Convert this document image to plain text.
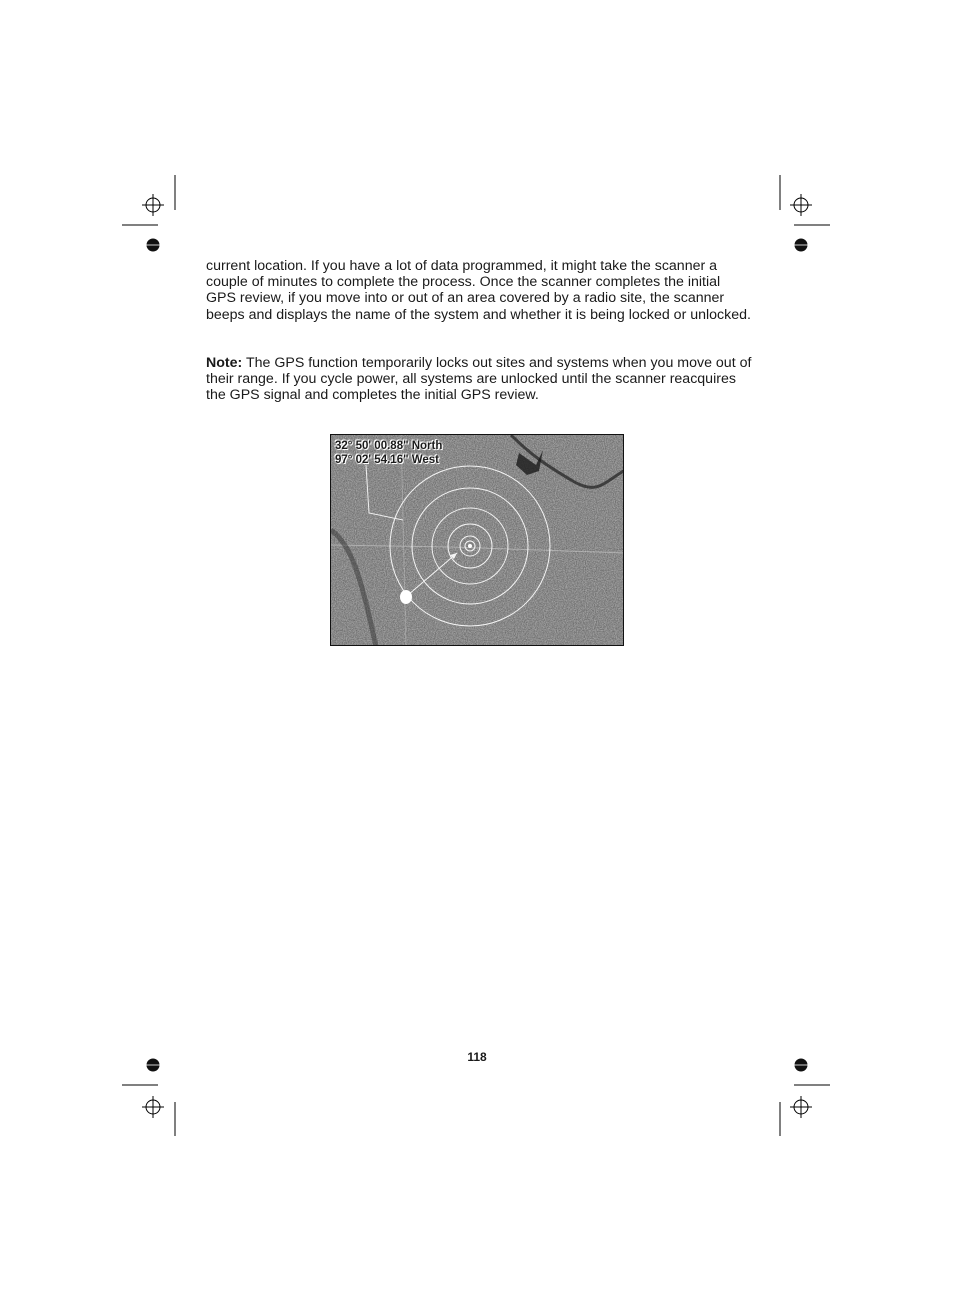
current location. If you have a lot of data programmed, it might take the scanner a couple of minutes to complete the process. Once the scanner completes the initial GPS review, if you move into or out of an area covered by a radio site, the scanner beeps and displays the name of the system and whether it is being locked or unlocked.

Note: The GPS function temporarily locks out sites and systems when you move out of their range. If you cycle power, all systems are unlocked until the scanner reacquires the GPS signal and completes the initial GPS review.

32° 50' 00.88" North
97° 02' 54.16" West
118
